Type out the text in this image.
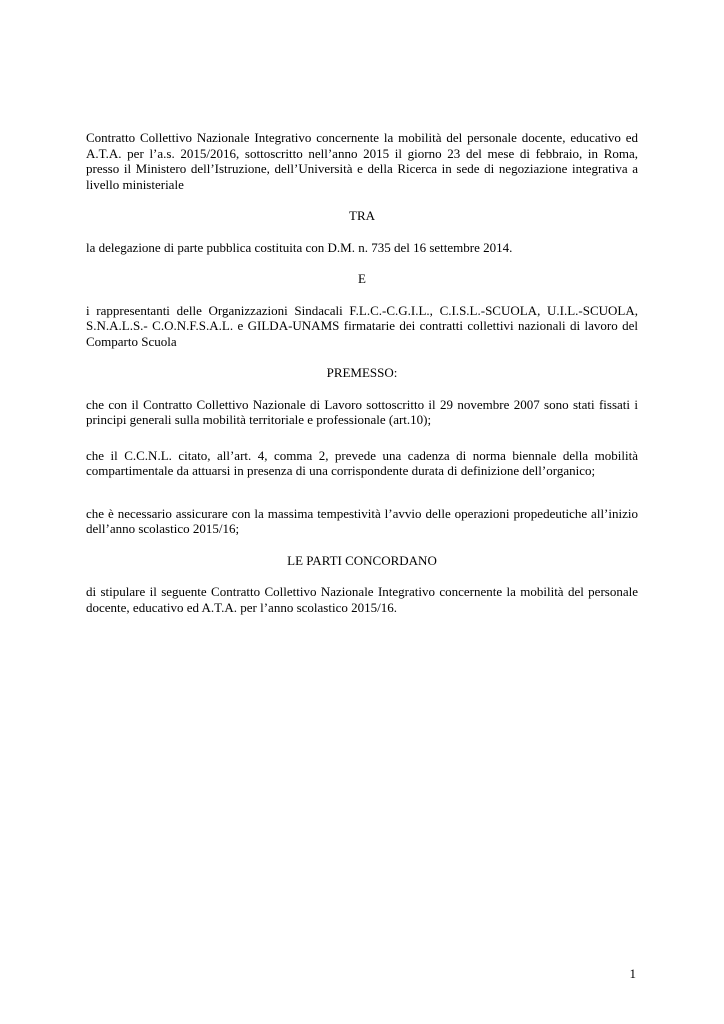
Contratto Collettivo Nazionale Integrativo concernente la mobilità del personale docente, educativo ed A.T.A. per l’a.s. 2015/2016, sottoscritto nell’anno 2015 il giorno 23 del mese di febbraio, in Roma, presso il Ministero dell’Istruzione, dell’Università e della Ricerca in sede di negoziazione integrativa a livello ministeriale

TRA

la delegazione di parte pubblica costituita con D.M. n. 735 del 16 settembre 2014.

E

i rappresentanti delle Organizzazioni Sindacali F.L.C.-C.G.I.L., C.I.S.L.-SCUOLA, U.I.L.-SCUOLA, S.N.A.L.S.- C.O.N.F.S.A.L. e GILDA-UNAMS firmatarie dei contratti collettivi nazionali di lavoro del Comparto Scuola

PREMESSO:

che con il Contratto Collettivo Nazionale di Lavoro sottoscritto il 29 novembre 2007 sono stati fissati i principi generali sulla mobilità territoriale e professionale (art.10);

che il C.C.N.L. citato, all’art. 4, comma 2, prevede una cadenza di norma biennale della mobilità compartimentale da attuarsi in presenza di una corrispondente durata di definizione dell’organico;

che è necessario assicurare con la massima tempestività l’avvio delle operazioni propedeutiche all’inizio dell’anno scolastico 2015/16;

LE PARTI CONCORDANO

di stipulare il seguente Contratto Collettivo Nazionale Integrativo concernente la mobilità del personale docente, educativo ed A.T.A. per l’anno scolastico 2015/16.

1
